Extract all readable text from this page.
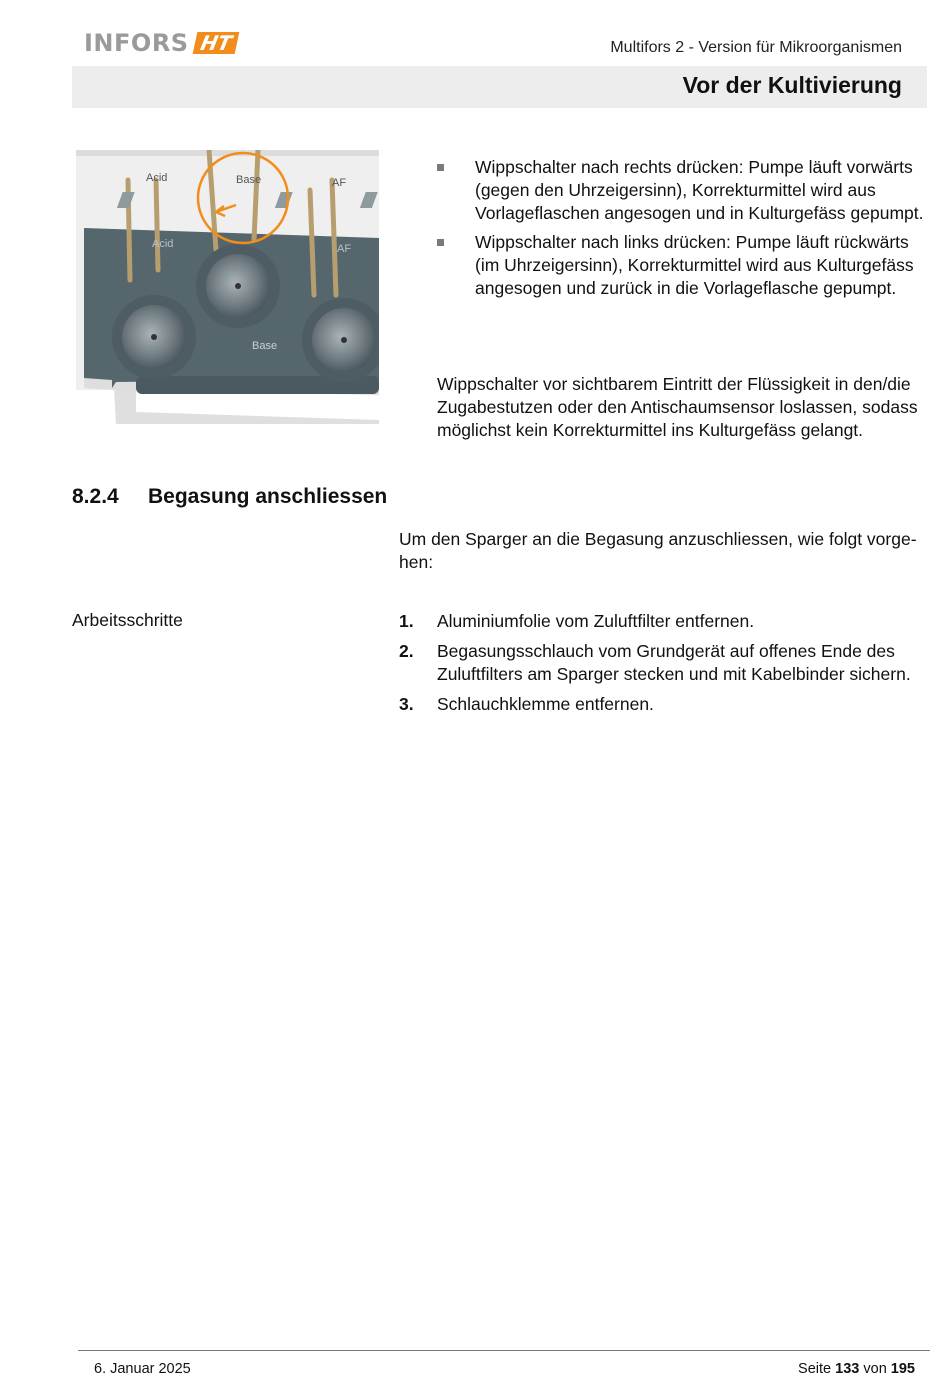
INFORS HT	Multifors 2 - Version für Mikroorganismen
Vor der Kultivierung
Acid	Base	AF
Acid	AF
Base
Wippschalter nach rechts drücken: Pumpe läuft vorwärts (gegen den Uhrzeigersinn), Korrekturmittel wird aus Vorlageflaschen angesogen und in Kulturgefäss gepumpt.
Wippschalter nach links drücken: Pumpe läuft rückwärts (im Uhrzeigersinn), Korrekturmittel wird aus Kulturgefäss angesogen und zurück in die Vorlageflasche gepumpt.
Wippschalter vor sichtbarem Eintritt der Flüssigkeit in den/die Zugabestutzen oder den Antischaumsensor loslassen, sodass möglichst kein Korrekturmittel ins Kulturgefäss gelangt.
8.2.4 Begasung anschliessen
Um den Sparger an die Begasung anzuschliessen, wie folgt vorgehen:
Arbeitsschritte	1. Aluminiumfolie vom Zuluftfilter entfernen.
2. Begasungsschlauch vom Grundgerät auf offenes Ende des Zuluftfilters am Sparger stecken und mit Kabelbinder sichern.
3. Schlauchklemme entfernen.
6. Januar 2025	Seite 133 von 195
